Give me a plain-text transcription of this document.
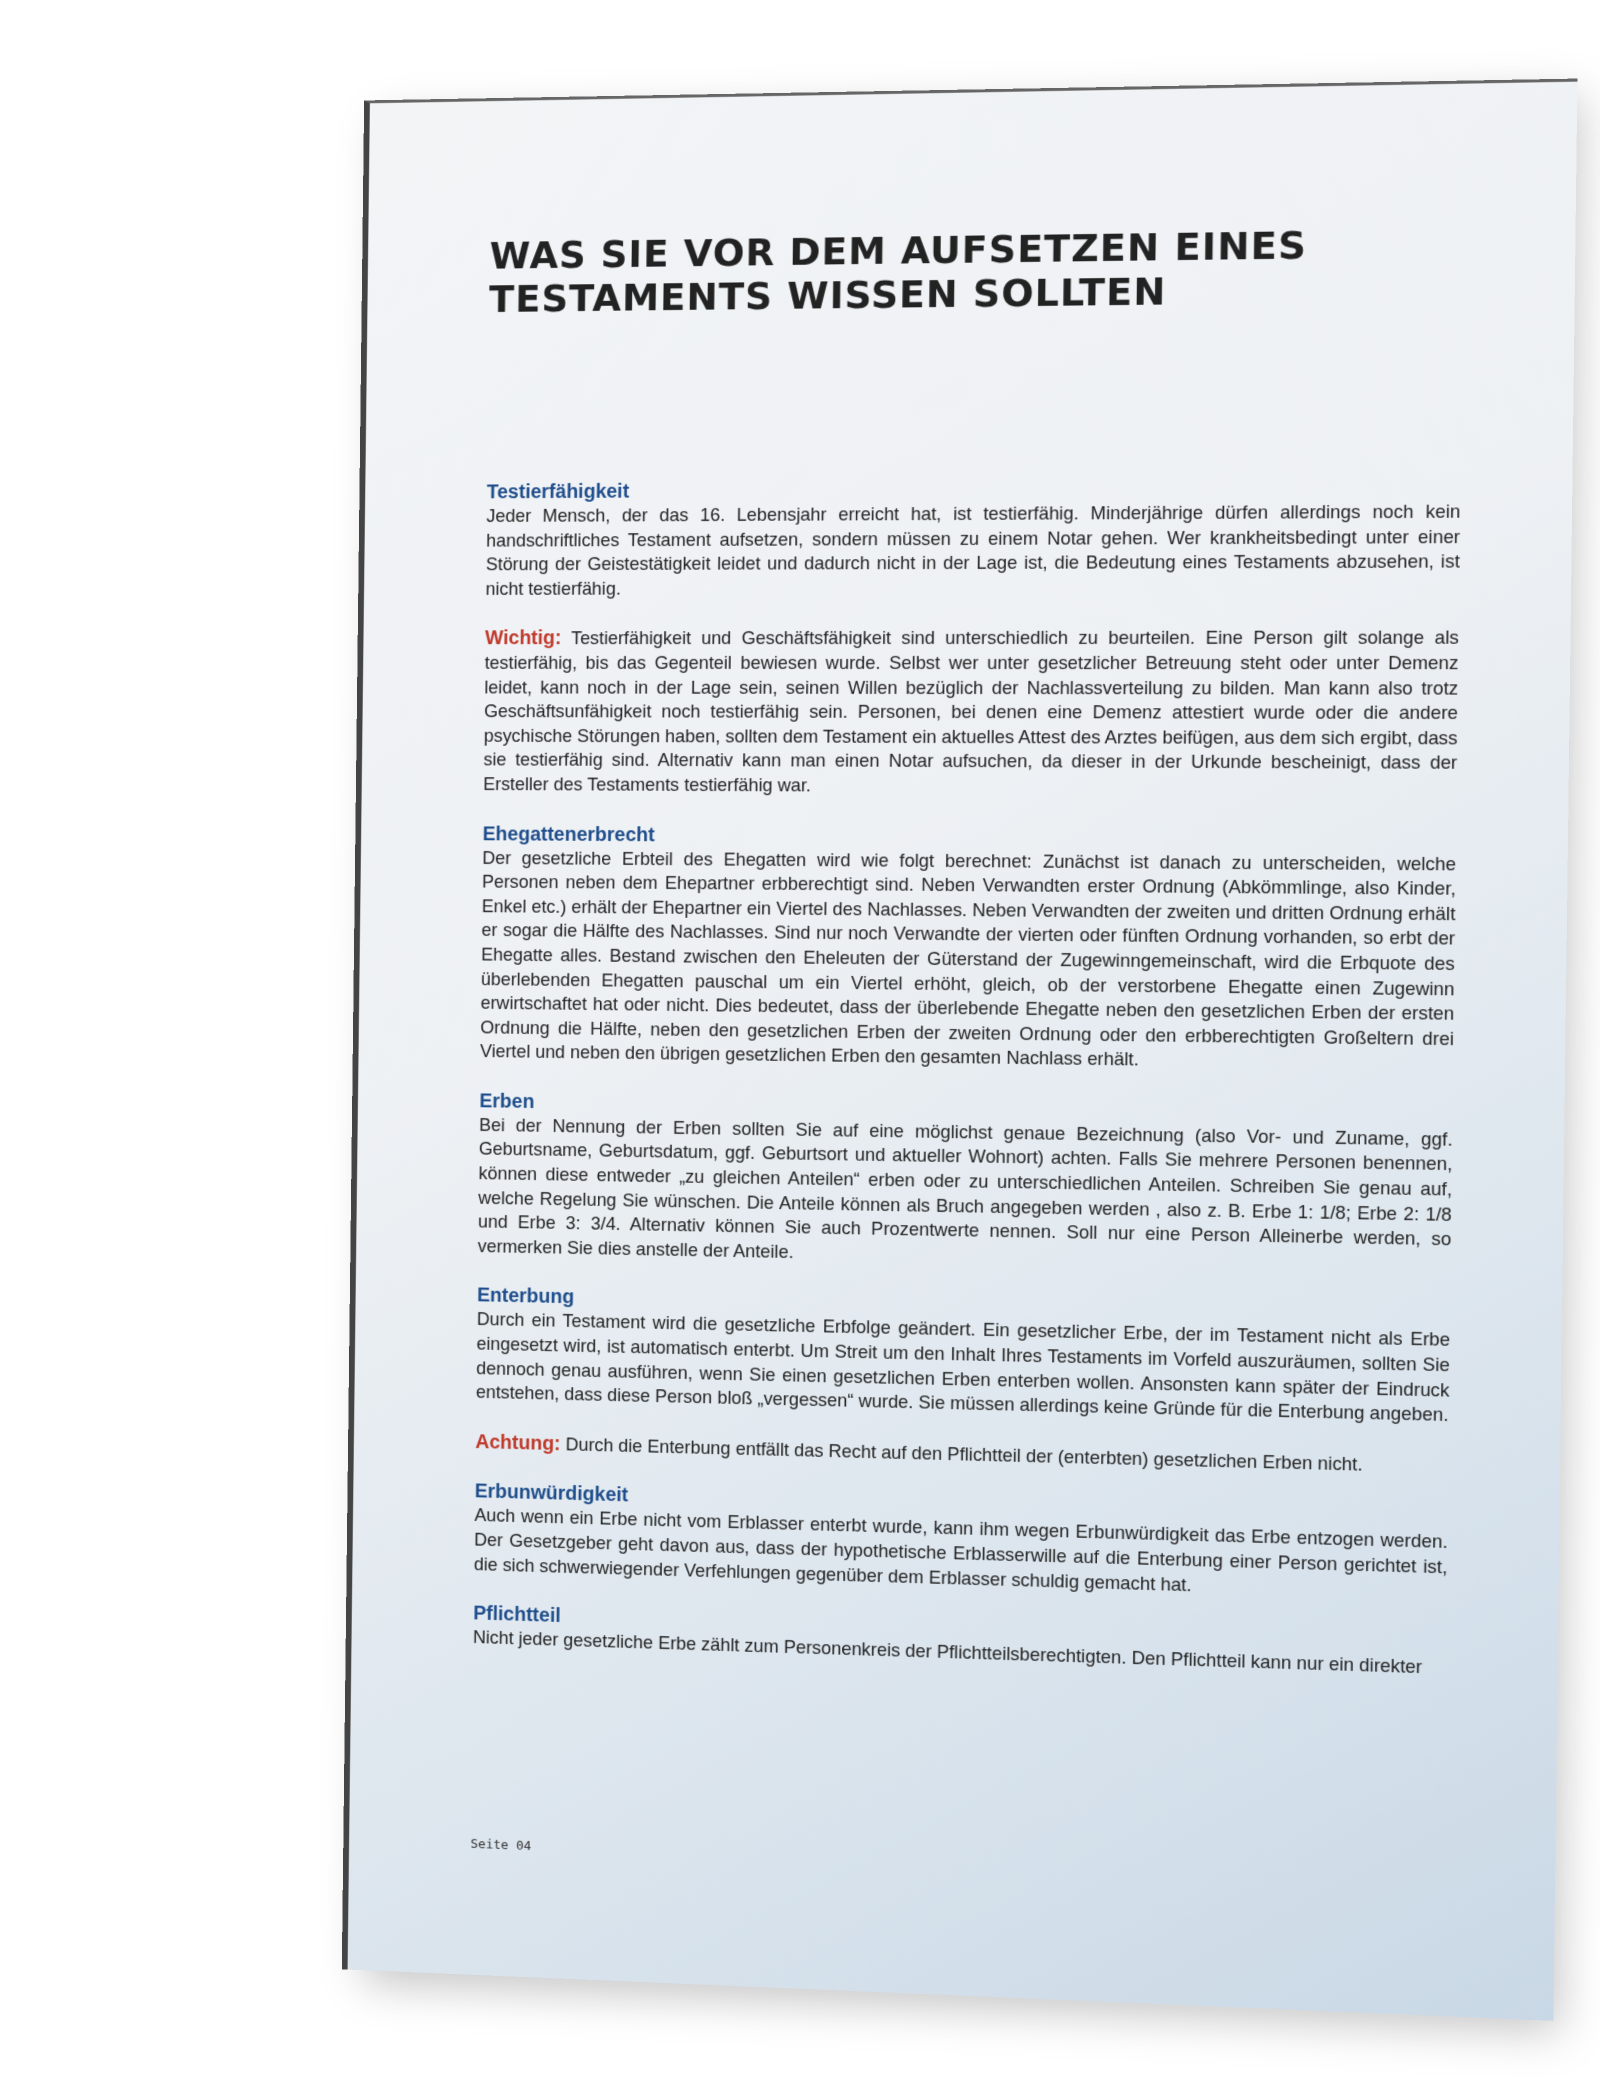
WAS SIE VOR DEM AUFSETZEN EINES TESTAMENTS WISSEN SOLLTEN
Testierfähigkeit
Jeder Mensch, der das 16. Lebensjahr erreicht hat, ist testierfähig. Minderjährige dürfen allerdings noch kein handschriftliches Testament aufsetzen, sondern müssen zu einem Notar gehen. Wer krankheitsbedingt unter einer Störung der Geistestätigkeit leidet und dadurch nicht in der Lage ist, die Bedeutung eines Testaments abzusehen, ist nicht testierfähig.
Wichtig: Testierfähigkeit und Geschäftsfähigkeit sind unterschiedlich zu beurteilen. Eine Person gilt solange als testierfähig, bis das Gegenteil bewiesen wurde. Selbst wer unter gesetzlicher Betreuung steht oder unter Demenz leidet, kann noch in der Lage sein, seinen Willen bezüglich der Nachlassverteilung zu bilden. Man kann also trotz Geschäftsunfähigkeit noch testierfähig sein. Personen, bei denen eine Demenz attestiert wurde oder die andere psychische Störungen haben, sollten dem Testament ein aktuelles Attest des Arztes beifügen, aus dem sich ergibt, dass sie testierfähig sind. Alternativ kann man einen Notar aufsuchen, da dieser in der Urkunde bescheinigt, dass der Ersteller des Testaments testierfähig war.
Ehegattenerbrecht
Der gesetzliche Erbteil des Ehegatten wird wie folgt berechnet: Zunächst ist danach zu unterscheiden, welche Personen neben dem Ehepartner erbberechtigt sind. Neben Verwandten erster Ordnung (Abkömmlinge, also Kinder, Enkel etc.) erhält der Ehepartner ein Viertel des Nachlasses. Neben Verwandten der zweiten und dritten Ordnung erhält er sogar die Hälfte des Nachlasses. Sind nur noch Verwandte der vierten oder fünften Ordnung vorhanden, so erbt der Ehegatte alles. Bestand zwischen den Eheleuten der Güterstand der Zugewinngemeinschaft, wird die Erbquote des überlebenden Ehegatten pauschal um ein Viertel erhöht, gleich, ob der verstorbene Ehegatte einen Zugewinn erwirtschaftet hat oder nicht. Dies bedeutet, dass der überlebende Ehegatte neben den gesetzlichen Erben der ersten Ordnung die Hälfte, neben den gesetzlichen Erben der zweiten Ordnung oder den erbberechtigten Großeltern drei Viertel und neben den übrigen gesetzlichen Erben den gesamten Nachlass erhält.
Erben
Bei der Nennung der Erben sollten Sie auf eine möglichst genaue Bezeichnung (also Vor- und Zuname, ggf. Geburtsname, Geburtsdatum, ggf. Geburtsort und aktueller Wohnort) achten. Falls Sie mehrere Personen benennen, können diese entweder „zu gleichen Anteilen“ erben oder zu unterschiedlichen Anteilen. Schreiben Sie genau auf, welche Regelung Sie wünschen. Die Anteile können als Bruch angegeben werden , also z. B. Erbe 1: 1/8; Erbe 2: 1/8 und Erbe 3: 3/4. Alternativ können Sie auch Prozentwerte nennen. Soll nur eine Person Alleinerbe werden, so vermerken Sie dies anstelle der Anteile.
Enterbung
Durch ein Testament wird die gesetzliche Erbfolge geändert. Ein gesetzlicher Erbe, der im Testament nicht als Erbe eingesetzt wird, ist automatisch enterbt. Um Streit um den Inhalt Ihres Testaments im Vorfeld auszuräumen, sollten Sie dennoch genau ausführen, wenn Sie einen gesetzlichen Erben enterben wollen. Ansonsten kann später der Eindruck entstehen, dass diese Person bloß „vergessen“ wurde. Sie müssen allerdings keine Gründe für die Enterbung angeben.
Achtung: Durch die Enterbung entfällt das Recht auf den Pflichtteil der (enterbten) gesetzlichen Erben nicht.
Erbunwürdigkeit
Auch wenn ein Erbe nicht vom Erblasser enterbt wurde, kann ihm wegen Erbunwürdigkeit das Erbe entzogen werden. Der Gesetzgeber geht davon aus, dass der hypothetische Erblasserwille auf die Enterbung einer Person gerichtet ist, die sich schwerwiegender Verfehlungen gegenüber dem Erblasser schuldig gemacht hat.
Pflichtteil
Nicht jeder gesetzliche Erbe zählt zum Personenkreis der Pflichtteilsberechtigten. Den Pflichtteil kann nur ein direkter
Seite 04
